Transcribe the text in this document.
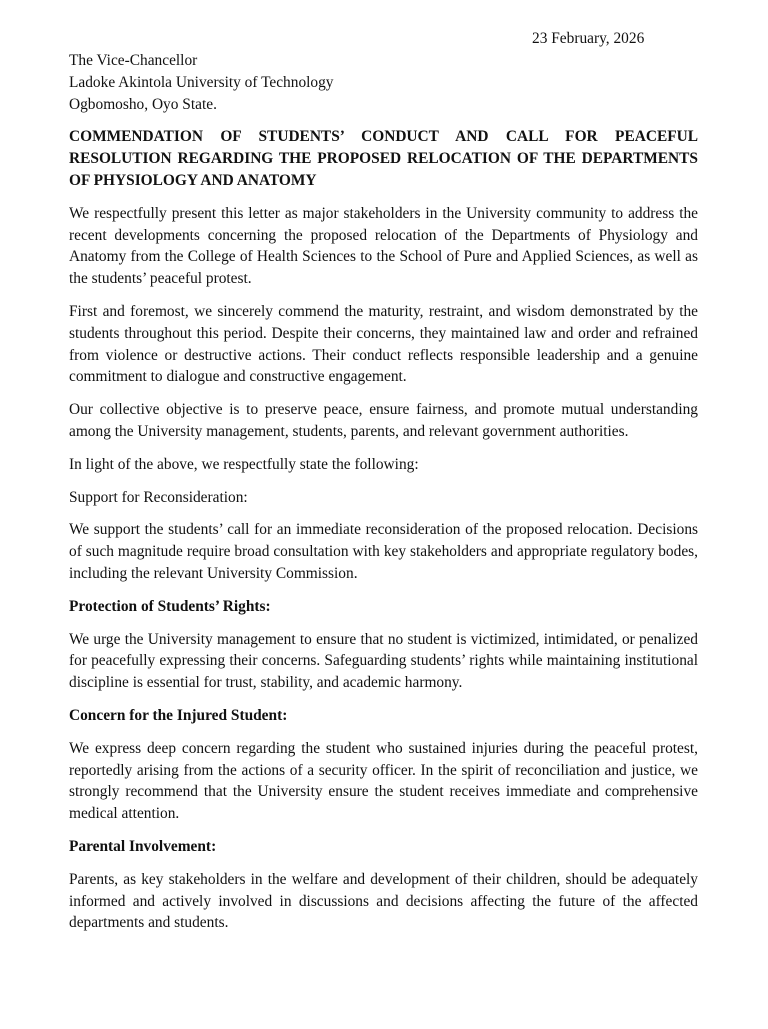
23 February, 2026
The Vice-Chancellor
Ladoke Akintola University of Technology
Ogbomosho, Oyo State.
COMMENDATION OF STUDENTS’ CONDUCT AND CALL FOR PEACEFUL RESOLUTION REGARDING THE PROPOSED RELOCATION OF THE DEPARTMENTS OF PHYSIOLOGY AND ANATOMY

We respectfully present this letter as major stakeholders in the University community to address the recent developments concerning the proposed relocation of the Departments of Physiology and Anatomy from the College of Health Sciences to the School of Pure and Applied Sciences, as well as the students’ peaceful protest.

First and foremost, we sincerely commend the maturity, restraint, and wisdom demonstrated by the students throughout this period. Despite their concerns, they maintained law and order and refrained from violence or destructive actions. Their conduct reflects responsible leadership and a genuine commitment to dialogue and constructive engagement.

Our collective objective is to preserve peace, ensure fairness, and promote mutual understanding among the University management, students, parents, and relevant government authorities.

In light of the above, we respectfully state the following:

Support for Reconsideration:

We support the students’ call for an immediate reconsideration of the proposed relocation. Decisions of such magnitude require broad consultation with key stakeholders and appropriate regulatory bodes, including the relevant University Commission.

Protection of Students’ Rights:

We urge the University management to ensure that no student is victimized, intimidated, or penalized for peacefully expressing their concerns. Safeguarding students’ rights while maintaining institutional discipline is essential for trust, stability, and academic harmony.

Concern for the Injured Student:

We express deep concern regarding the student who sustained injuries during the peaceful protest, reportedly arising from the actions of a security officer. In the spirit of reconciliation and justice, we strongly recommend that the University ensure the student receives immediate and comprehensive medical attention.

Parental Involvement:

Parents, as key stakeholders in the welfare and development of their children, should be adequately informed and actively involved in discussions and decisions affecting the future of the affected departments and students.
